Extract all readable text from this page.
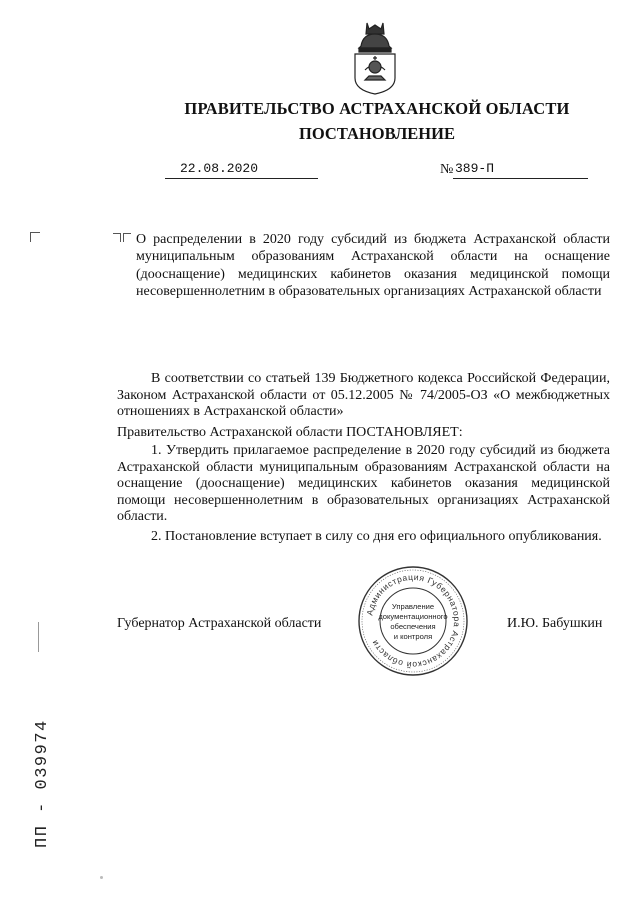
ПРАВИТЕЛЬСТВО АСТРАХАНСКОЙ ОБЛАСТИ
ПОСТАНОВЛЕНИЕ
22.08.2020	№ 389-П
О распределении в 2020 году субсидий из бюджета Астраханской области муниципальным образованиям Астраханской области на оснащение (дооснащение) медицинских кабинетов оказания медицинской помощи несовершеннолетним в образовательных организациях Астраханской области
В соответствии со статьей 139 Бюджетного кодекса Российской Федерации, Законом Астраханской области от 05.12.2005 № 74/2005-ОЗ «О межбюджетных отношениях в Астраханской области»
Правительство Астраханской области ПОСТАНОВЛЯЕТ:
1. Утвердить прилагаемое распределение в 2020 году субсидий из бюджета Астраханской области муниципальным образованиям Астраханской области на оснащение (дооснащение) медицинских кабинетов оказания медицинской помощи несовершеннолетним в образовательных организациях Астраханской области.
2. Постановление вступает в силу со дня его официального опубликования.
Губернатор Астраханской области	И.Ю. Бабушкин
Администрация Губернатора Астраханской области
Управление
документационного
обеспечения
и контроля
ПП - 039974
